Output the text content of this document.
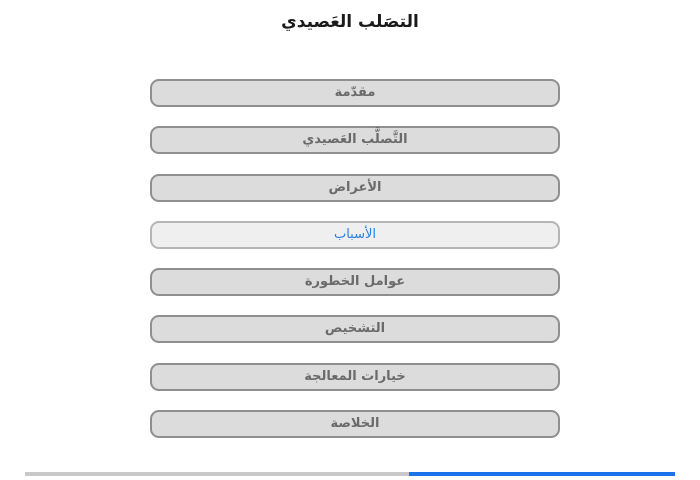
التصَلب العَصيدي
مقدّمة
التَّصلَّب العَصيدي
الأعراض
الأسباب
عوامل الخطورة
التشخيص
خيارات المعالجة
الخلاصة
